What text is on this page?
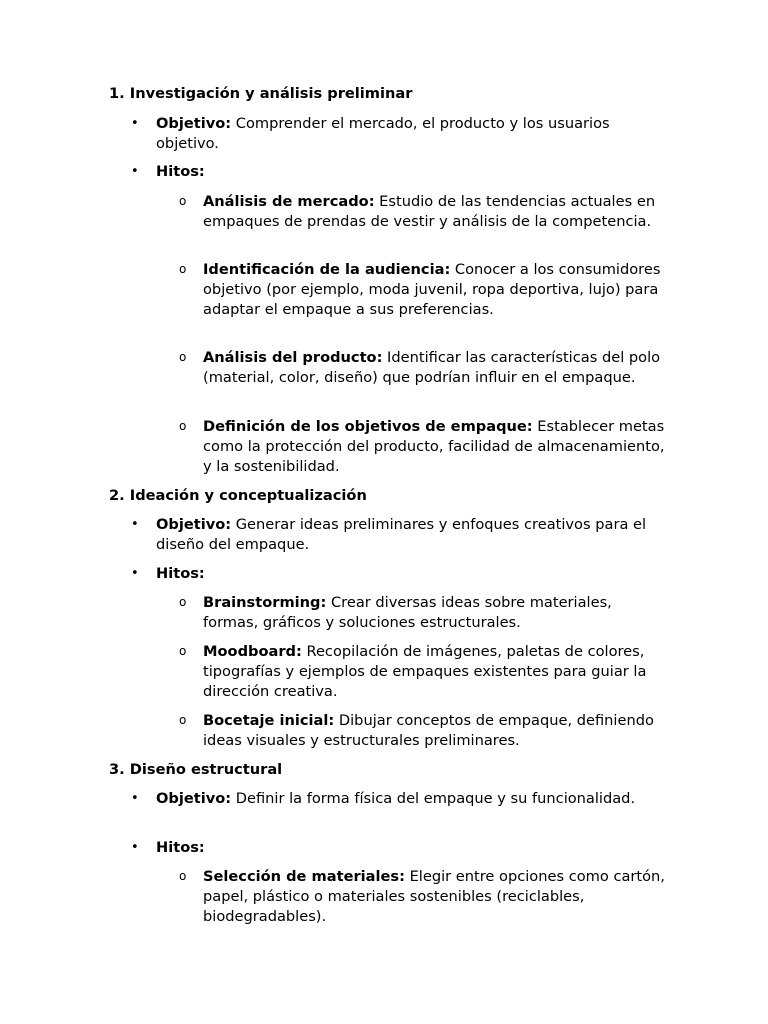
1. Investigación y análisis preliminar
• Objetivo: Comprender el mercado, el producto y los usuarios objetivo.
• Hitos:
o Análisis de mercado: Estudio de las tendencias actuales en empaques de prendas de vestir y análisis de la competencia.
o Identificación de la audiencia: Conocer a los consumidores objetivo (por ejemplo, moda juvenil, ropa deportiva, lujo) para adaptar el empaque a sus preferencias.
o Análisis del producto: Identificar las características del polo (material, color, diseño) que podrían influir en el empaque.
o Definición de los objetivos de empaque: Establecer metas como la protección del producto, facilidad de almacenamiento, y la sostenibilidad.
2. Ideación y conceptualización
• Objetivo: Generar ideas preliminares y enfoques creativos para el diseño del empaque.
• Hitos:
o Brainstorming: Crear diversas ideas sobre materiales, formas, gráficos y soluciones estructurales.
o Moodboard: Recopilación de imágenes, paletas de colores, tipografías y ejemplos de empaques existentes para guiar la dirección creativa.
o Bocetaje inicial: Dibujar conceptos de empaque, definiendo ideas visuales y estructurales preliminares.
3. Diseño estructural
• Objetivo: Definir la forma física del empaque y su funcionalidad.
• Hitos:
o Selección de materiales: Elegir entre opciones como cartón, papel, plástico o materiales sostenibles (reciclables, biodegradables).
